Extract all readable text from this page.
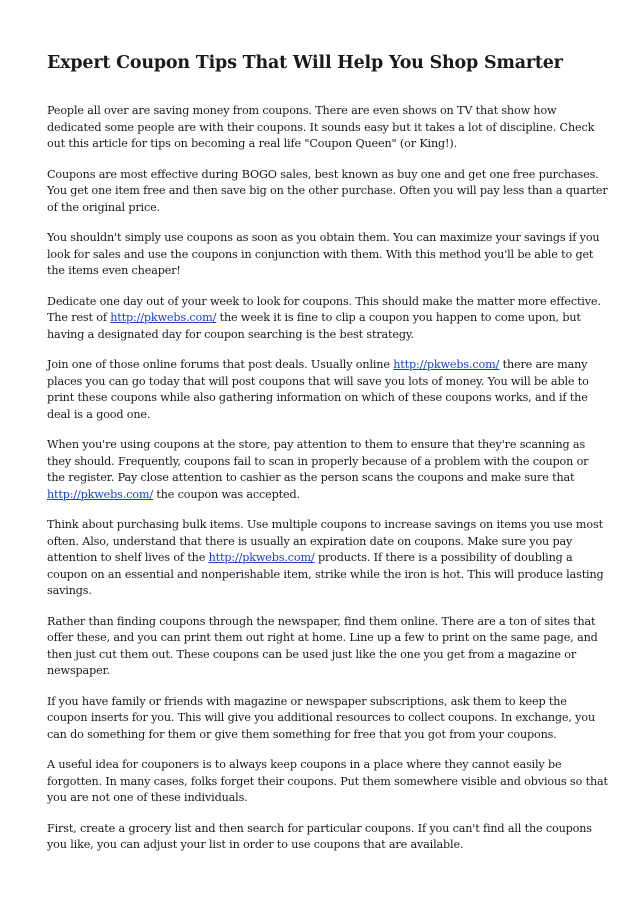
Expert Coupon Tips That Will Help You Shop Smarter

People all over are saving money from coupons. There are even shows on TV that show how
dedicated some people are with their coupons. It sounds easy but it takes a lot of discipline. Check
out this article for tips on becoming a real life "Coupon Queen" (or King!).

Coupons are most effective during BOGO sales, best known as buy one and get one free purchases.
You get one item free and then save big on the other purchase. Often you will pay less than a quarter
of the original price.

You shouldn't simply use coupons as soon as you obtain them. You can maximize your savings if you
look for sales and use the coupons in conjunction with them. With this method you'll be able to get
the items even cheaper!

Dedicate one day out of your week to look for coupons. This should make the matter more effective.
The rest of http://pkwebs.com/ the week it is fine to clip a coupon you happen to come upon, but
having a designated day for coupon searching is the best strategy.

Join one of those online forums that post deals. Usually online http://pkwebs.com/ there are many
places you can go today that will post coupons that will save you lots of money. You will be able to
print these coupons while also gathering information on which of these coupons works, and if the
deal is a good one.

When you're using coupons at the store, pay attention to them to ensure that they're scanning as
they should. Frequently, coupons fail to scan in properly because of a problem with the coupon or
the register. Pay close attention to cashier as the person scans the coupons and make sure that
http://pkwebs.com/ the coupon was accepted.

Think about purchasing bulk items. Use multiple coupons to increase savings on items you use most
often. Also, understand that there is usually an expiration date on coupons. Make sure you pay
attention to shelf lives of the http://pkwebs.com/ products. If there is a possibility of doubling a
coupon on an essential and nonperishable item, strike while the iron is hot. This will produce lasting
savings.

Rather than finding coupons through the newspaper, find them online. There are a ton of sites that
offer these, and you can print them out right at home. Line up a few to print on the same page, and
then just cut them out. These coupons can be used just like the one you get from a magazine or
newspaper.

If you have family or friends with magazine or newspaper subscriptions, ask them to keep the
coupon inserts for you. This will give you additional resources to collect coupons. In exchange, you
can do something for them or give them something for free that you got from your coupons.

A useful idea for couponers is to always keep coupons in a place where they cannot easily be
forgotten. In many cases, folks forget their coupons. Put them somewhere visible and obvious so that
you are not one of these individuals.

First, create a grocery list and then search for particular coupons. If you can't find all the coupons
you like, you can adjust your list in order to use coupons that are available.
